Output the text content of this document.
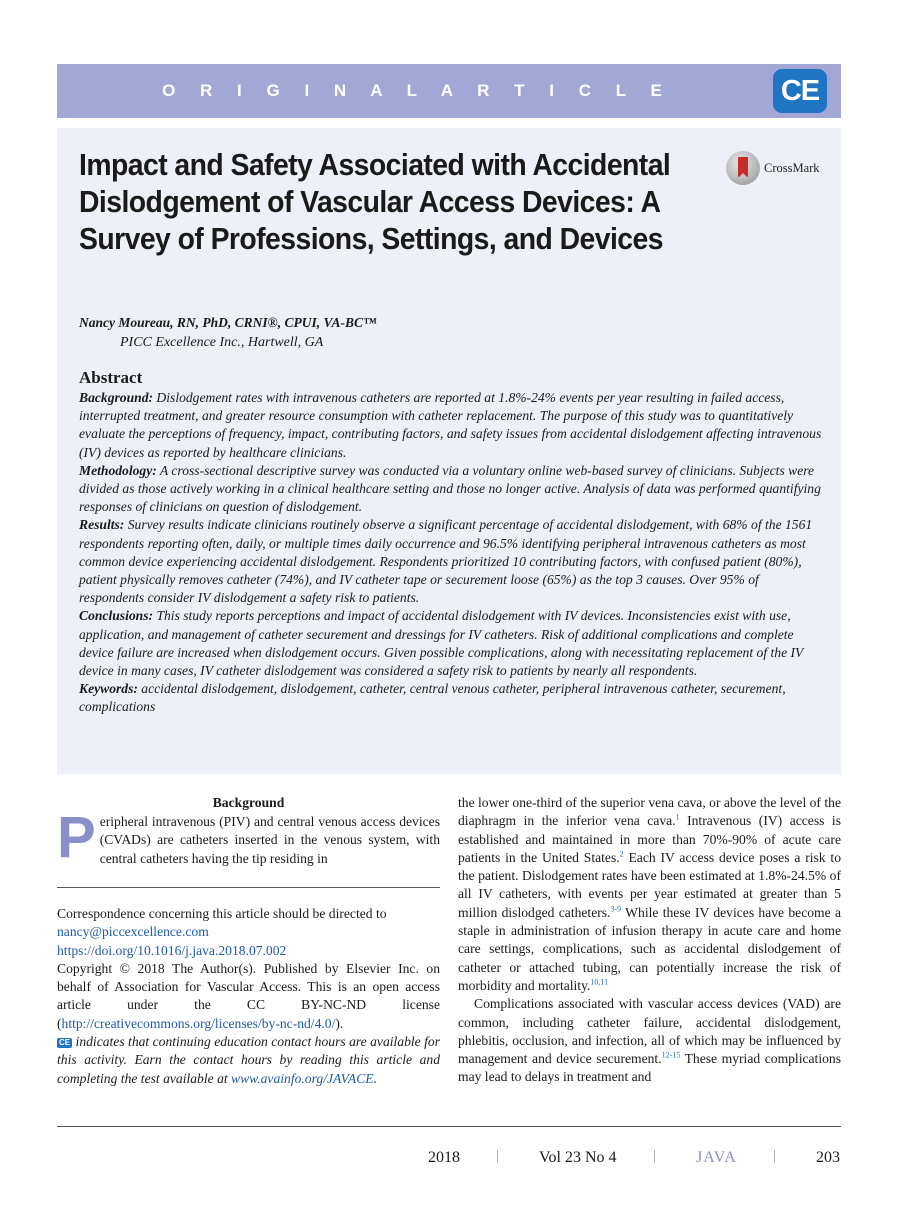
O R I G I N A L A R T I C L E	CE
Impact and Safety Associated with Accidental Dislodgement of Vascular Access Devices: A Survey of Professions, Settings, and Devices
CrossMark
Nancy Moureau, RN, PhD, CRNI®, CPUI, VA-BC™
PICC Excellence Inc., Hartwell, GA
Abstract

Background: Dislodgement rates with intravenous catheters are reported at 1.8%-24% events per year resulting in failed access, interrupted treatment, and greater resource consumption with catheter replacement. The purpose of this study was to quantitatively evaluate the perceptions of frequency, impact, contributing factors, and safety issues from accidental dislodgement affecting intravenous (IV) devices as reported by healthcare clinicians.

Methodology: A cross-sectional descriptive survey was conducted via a voluntary online web-based survey of clinicians. Subjects were divided as those actively working in a clinical healthcare setting and those no longer active. Analysis of data was performed quantifying responses of clinicians on question of dislodgement.

Results: Survey results indicate clinicians routinely observe a significant percentage of accidental dislodgement, with 68% of the 1561 respondents reporting often, daily, or multiple times daily occurrence and 96.5% identifying peripheral intravenous catheters as most common device experiencing accidental dislodgement. Respondents prioritized 10 contributing factors, with confused patient (80%), patient physically removes catheter (74%), and IV catheter tape or securement loose (65%) as the top 3 causes. Over 95% of respondents consider IV dislodgement a safety risk to patients.

Conclusions: This study reports perceptions and impact of accidental dislodgement with IV devices. Inconsistencies exist with use, application, and management of catheter securement and dressings for IV catheters. Risk of additional complications and complete device failure are increased when dislodgement occurs. Given possible complications, along with necessitating replacement of the IV device in many cases, IV catheter dislodgement was considered a safety risk to patients by nearly all respondents.

Keywords: accidental dislodgement, dislodgement, catheter, central venous catheter, peripheral intravenous catheter, securement, complications

Background

Peripheral intravenous (PIV) and central venous access devices (CVADs) are catheters inserted in the venous system, with central catheters having the tip residing in

Correspondence concerning this article should be directed to

nancy@piccexcellence.com

https://doi.org/10.1016/j.java.2018.07.002

Copyright © 2018 The Author(s). Published by Elsevier Inc. on behalf of Association for Vascular Access. This is an open access article under the CC BY-NC-ND license (http://creativecommons.org/licenses/by-nc-nd/4.0/).

CE indicates that continuing education contact hours are available for this activity. Earn the contact hours by reading this article and completing the test available at www.avainfo.org/JAVACE.

the lower one-third of the superior vena cava, or above the level of the diaphragm in the inferior vena cava.$^1$ Intravenous (IV) access is established and maintained in more than 70%-90% of acute care patients in the United States.$^2$ Each IV access device poses a risk to the patient. Dislodgement rates have been estimated at 1.8%-24.5% of all IV catheters, with events per year estimated at greater than 5 million dislodged catheters.$^{3-9}$ While these IV devices have become a staple in administration of infusion therapy in acute care and home care settings, complications, such as accidental dislodgement of catheter or attached tubing, can potentially increase the risk of morbidity and mortality.$^{10,11}$

Complications associated with vascular access devices (VAD) are common, including catheter failure, accidental dislodgement, phlebitis, occlusion, and infection, all of which may be influenced by management and device securement.$^{12-15}$ These myriad complications may lead to delays in treatment and

2018	Vol 23 No 4	JAVA	203
